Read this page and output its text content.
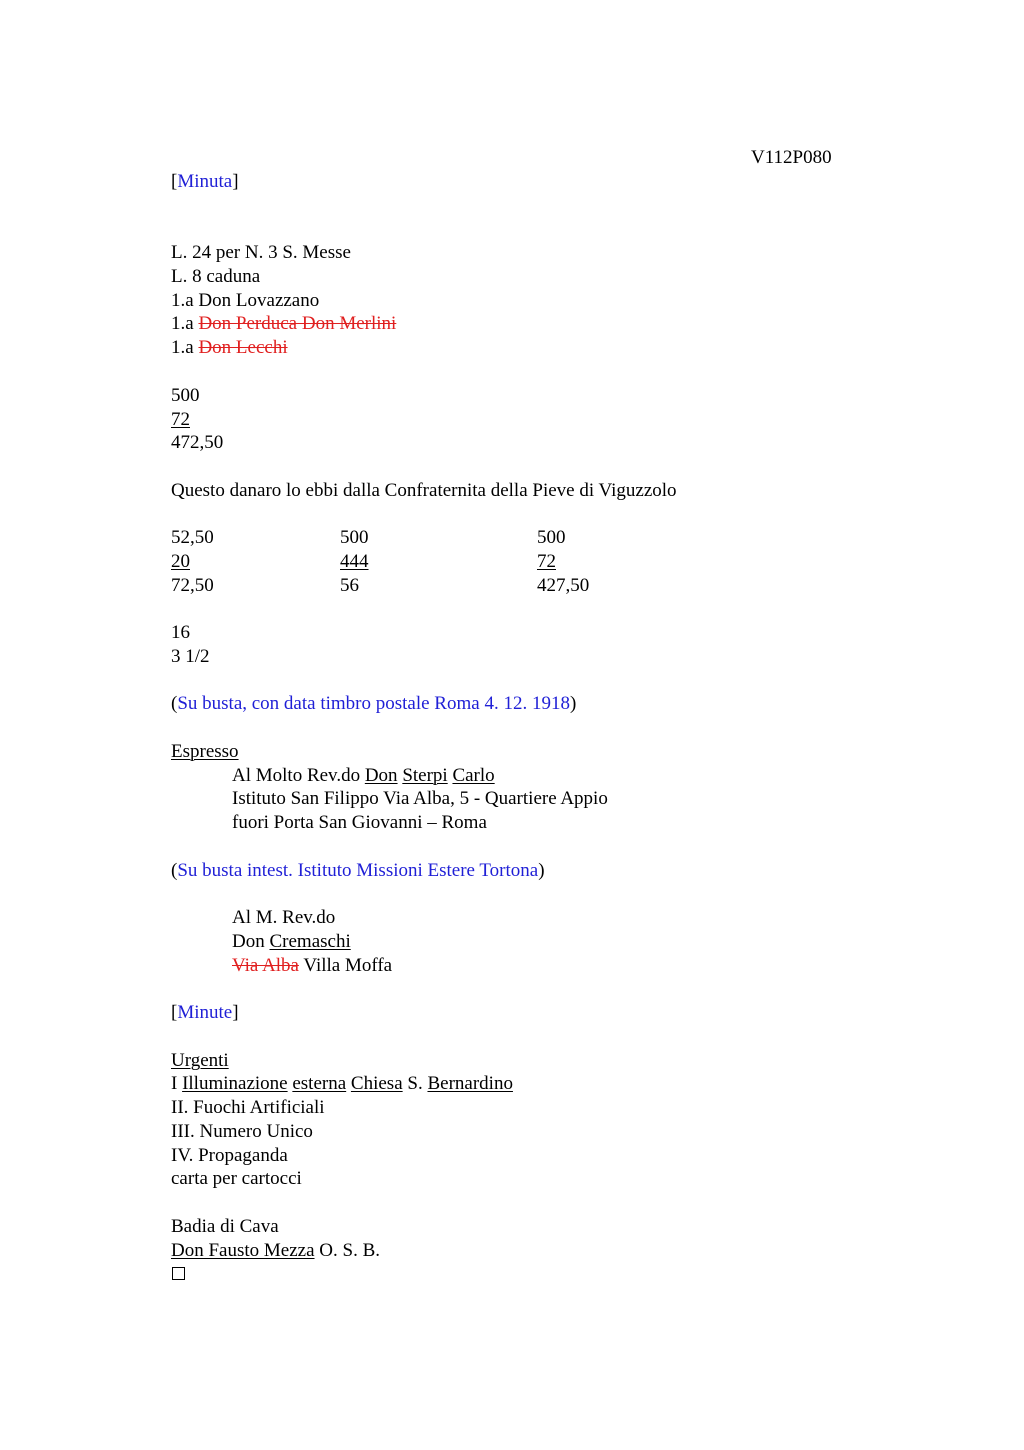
V112P080
[Minuta]
L. 24 per N. 3 S. Messe
L. 8 caduna
1.a Don Lovazzano
1.a Don Perduca Don Merlini
1.a Don Lecchi
500
72
472,50
Questo danaro lo ebbi dalla Confraternita della Pieve di Viguzzolo
52,50
20
72,50
500
444
56
500
72
427,50
16
3 1/2
(Su busta, con data timbro postale Roma 4. 12. 1918)
Espresso
Al Molto Rev.do Don Sterpi Carlo
Istituto San Filippo Via Alba, 5 - Quartiere Appio
fuori Porta San Giovanni – Roma
(Su busta intest. Istituto Missioni Estere Tortona)
Al M. Rev.do
Don Cremaschi
Via Alba Villa Moffa
[Minute]
Urgenti
I Illuminazione esterna Chiesa S. Bernardino
II. Fuochi Artificiali
III. Numero Unico
IV. Propaganda
carta per cartocci
Badia di Cava
Don Fausto Mezza O. S. B.
